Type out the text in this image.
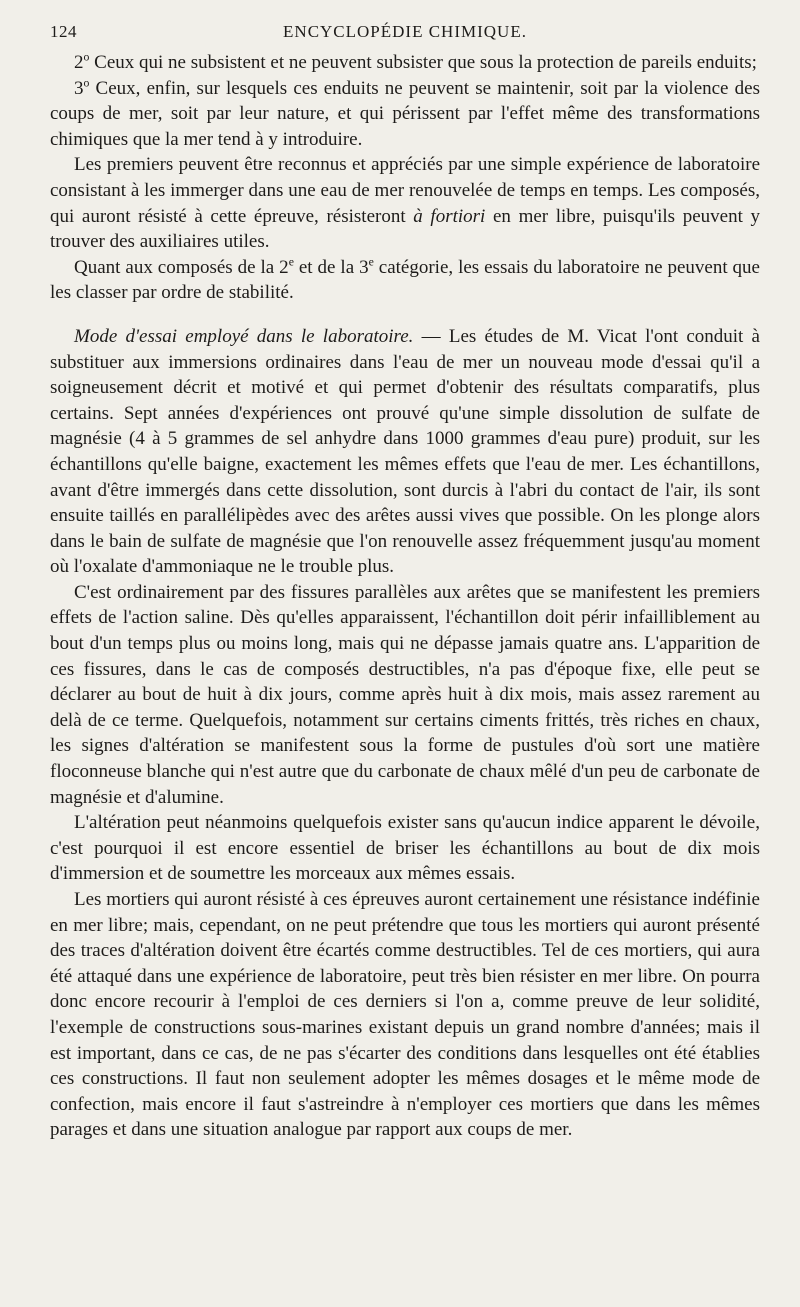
124	ENCYCLOPÉDIE CHIMIQUE.

2$^o$ Ceux qui ne subsistent et ne peuvent subsister que sous la protection de pareils enduits;

3$^o$ Ceux, enfin, sur lesquels ces enduits ne peuvent se maintenir, soit par la violence des coups de mer, soit par leur nature, et qui périssent par l'effet même des transformations chimiques que la mer tend à y introduire.

Les premiers peuvent être reconnus et appréciés par une simple expérience de laboratoire consistant à les immerger dans une eau de mer renouvelée de temps en temps. Les composés, qui auront résisté à cette épreuve, résisteront à fortiori en mer libre, puisqu'ils peuvent y trouver des auxiliaires utiles.

Quant aux composés de la 2e et de la 3e catégorie, les essais du laboratoire ne peuvent que les classer par ordre de stabilité.

Mode d'essai employé dans le laboratoire. — Les études de M. Vicat l'ont conduit à substituer aux immersions ordinaires dans l'eau de mer un nouveau mode d'essai qu'il a soigneusement décrit et motivé et qui permet d'obtenir des résultats comparatifs, plus certains. Sept années d'expériences ont prouvé qu'une simple dissolution de sulfate de magnésie (4 à 5 grammes de sel anhydre dans 1000 grammes d'eau pure) produit, sur les échantillons qu'elle baigne, exactement les mêmes effets que l'eau de mer. Les échantillons, avant d'être immergés dans cette dissolution, sont durcis à l'abri du contact de l'air, ils sont ensuite taillés en parallélipèdes avec des arêtes aussi vives que possible. On les plonge alors dans le bain de sulfate de magnésie que l'on renouvelle assez fréquemment jusqu'au moment où l'oxalate d'ammoniaque ne le trouble plus.

C'est ordinairement par des fissures parallèles aux arêtes que se manifestent les premiers effets de l'action saline. Dès qu'elles apparaissent, l'échantillon doit périr infailliblement au bout d'un temps plus ou moins long, mais qui ne dépasse jamais quatre ans. L'apparition de ces fissures, dans le cas de composés destructibles, n'a pas d'époque fixe, elle peut se déclarer au bout de huit à dix jours, comme après huit à dix mois, mais assez rarement au delà de ce terme. Quelquefois, notamment sur certains ciments frittés, très riches en chaux, les signes d'altération se manifestent sous la forme de pustules d'où sort une matière floconneuse blanche qui n'est autre que du carbonate de chaux mêlé d'un peu de carbonate de magnésie et d'alumine.

L'altération peut néanmoins quelquefois exister sans qu'aucun indice apparent le dévoile, c'est pourquoi il est encore essentiel de briser les échantillons au bout de dix mois d'immersion et de soumettre les morceaux aux mêmes essais.

Les mortiers qui auront résisté à ces épreuves auront certainement une résistance indéfinie en mer libre; mais, cependant, on ne peut prétendre que tous les mortiers qui auront présenté des traces d'altération doivent être écartés comme destructibles. Tel de ces mortiers, qui aura été attaqué dans une expérience de laboratoire, peut très bien résister en mer libre. On pourra donc encore recourir à l'emploi de ces derniers si l'on a, comme preuve de leur solidité, l'exemple de constructions sous-marines existant depuis un grand nombre d'années; mais il est important, dans ce cas, de ne pas s'écarter des conditions dans lesquelles ont été établies ces constructions. Il faut non seulement adopter les mêmes dosages et le même mode de confection, mais encore il faut s'astreindre à n'employer ces mortiers que dans les mêmes parages et dans une situation analogue par rapport aux coups de mer.
